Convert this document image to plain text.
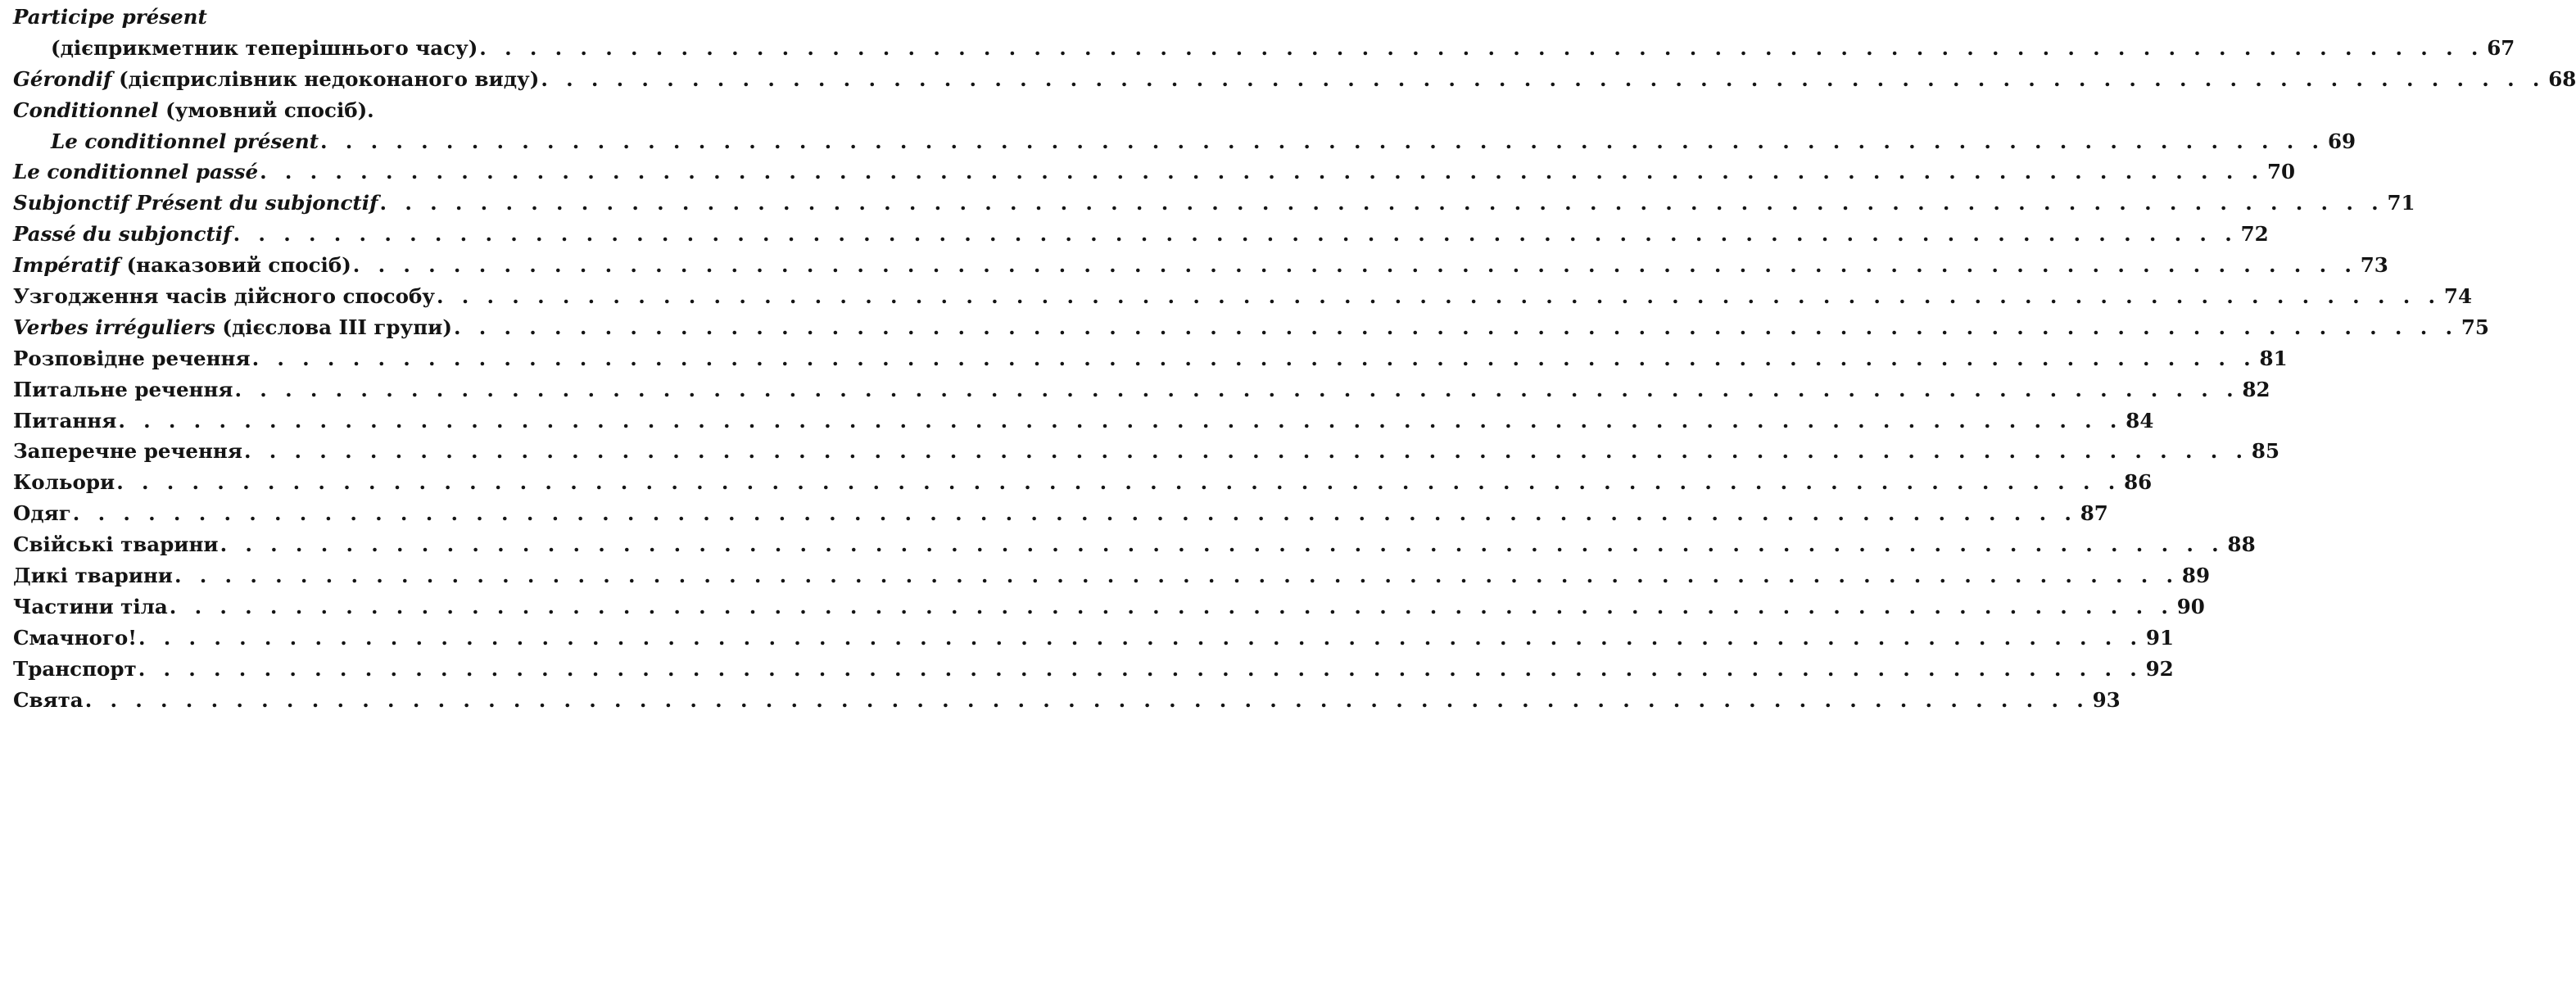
Participe présent
(дієприкметник теперішнього часу) . . . . . . . . . . . . . . . . . . . . . . . . . . . . . . . . . . . . . . . . . . . . . . . . . . . . . . . . . . . . . . . . . . . . . . . . . . . . . . . . 67
Gérondif (дієприслівник недоконаного виду) . . . . . . . . . . . . . . . . . . . . . . . . . . . . . . . . . . . . . . . . . . . . . . . . . . . . . . . . . . . . . . . . . . . . . . . . . . . . . . . . 68
Conditionnel (умовний спосіб).
Le conditionnel présent . . . . . . . . . . . . . . . . . . . . . . . . . . . . . . . . . . . . . . . . . . . . . . . . . . . . . . . . . . . . . . . . . . . . . . . . . . . . . . . . 69
Le conditionnel passé . . . . . . . . . . . . . . . . . . . . . . . . . . . . . . . . . . . . . . . . . . . . . . . . . . . . . . . . . . . . . . . . . . . . . . . . . . . . . . . . 70
Subjonctif Présent du subjonctif . . . . . . . . . . . . . . . . . . . . . . . . . . . . . . . . . . . . . . . . . . . . . . . . . . . . . . . . . . . . . . . . . . . . . . . . . . . . . . . . 71
Passé du subjonctif . . . . . . . . . . . . . . . . . . . . . . . . . . . . . . . . . . . . . . . . . . . . . . . . . . . . . . . . . . . . . . . . . . . . . . . . . . . . . . . . 72
Impératif (наказовий спосіб) . . . . . . . . . . . . . . . . . . . . . . . . . . . . . . . . . . . . . . . . . . . . . . . . . . . . . . . . . . . . . . . . . . . . . . . . . . . . . . . . 73
Узгодження часів дійсного способу . . . . . . . . . . . . . . . . . . . . . . . . . . . . . . . . . . . . . . . . . . . . . . . . . . . . . . . . . . . . . . . . . . . . . . . . . . . . . . . . 74
Verbes irréguliers (дієслова III групи) . . . . . . . . . . . . . . . . . . . . . . . . . . . . . . . . . . . . . . . . . . . . . . . . . . . . . . . . . . . . . . . . . . . . . . . . . . . . . . . . 75
Розповідне речення . . . . . . . . . . . . . . . . . . . . . . . . . . . . . . . . . . . . . . . . . . . . . . . . . . . . . . . . . . . . . . . . . . . . . . . . . . . . . . . . 81
Питальне речення . . . . . . . . . . . . . . . . . . . . . . . . . . . . . . . . . . . . . . . . . . . . . . . . . . . . . . . . . . . . . . . . . . . . . . . . . . . . . . . . 82
Питання . . . . . . . . . . . . . . . . . . . . . . . . . . . . . . . . . . . . . . . . . . . . . . . . . . . . . . . . . . . . . . . . . . . . . . . . . . . . . . . . 84
Заперечне речення . . . . . . . . . . . . . . . . . . . . . . . . . . . . . . . . . . . . . . . . . . . . . . . . . . . . . . . . . . . . . . . . . . . . . . . . . . . . . . . . 85
Кольори . . . . . . . . . . . . . . . . . . . . . . . . . . . . . . . . . . . . . . . . . . . . . . . . . . . . . . . . . . . . . . . . . . . . . . . . . . . . . . . . 86
Одяг . . . . . . . . . . . . . . . . . . . . . . . . . . . . . . . . . . . . . . . . . . . . . . . . . . . . . . . . . . . . . . . . . . . . . . . . . . . . . . . . 87
Свійські тварини . . . . . . . . . . . . . . . . . . . . . . . . . . . . . . . . . . . . . . . . . . . . . . . . . . . . . . . . . . . . . . . . . . . . . . . . . . . . . . . . 88
Дикі тварини . . . . . . . . . . . . . . . . . . . . . . . . . . . . . . . . . . . . . . . . . . . . . . . . . . . . . . . . . . . . . . . . . . . . . . . . . . . . . . . . 89
Частини тіла . . . . . . . . . . . . . . . . . . . . . . . . . . . . . . . . . . . . . . . . . . . . . . . . . . . . . . . . . . . . . . . . . . . . . . . . . . . . . . . . 90
Смачного! . . . . . . . . . . . . . . . . . . . . . . . . . . . . . . . . . . . . . . . . . . . . . . . . . . . . . . . . . . . . . . . . . . . . . . . . . . . . . . . . 91
Транспорт . . . . . . . . . . . . . . . . . . . . . . . . . . . . . . . . . . . . . . . . . . . . . . . . . . . . . . . . . . . . . . . . . . . . . . . . . . . . . . . . 92
Свята . . . . . . . . . . . . . . . . . . . . . . . . . . . . . . . . . . . . . . . . . . . . . . . . . . . . . . . . . . . . . . . . . . . . . . . . . . . . . . . . 93
